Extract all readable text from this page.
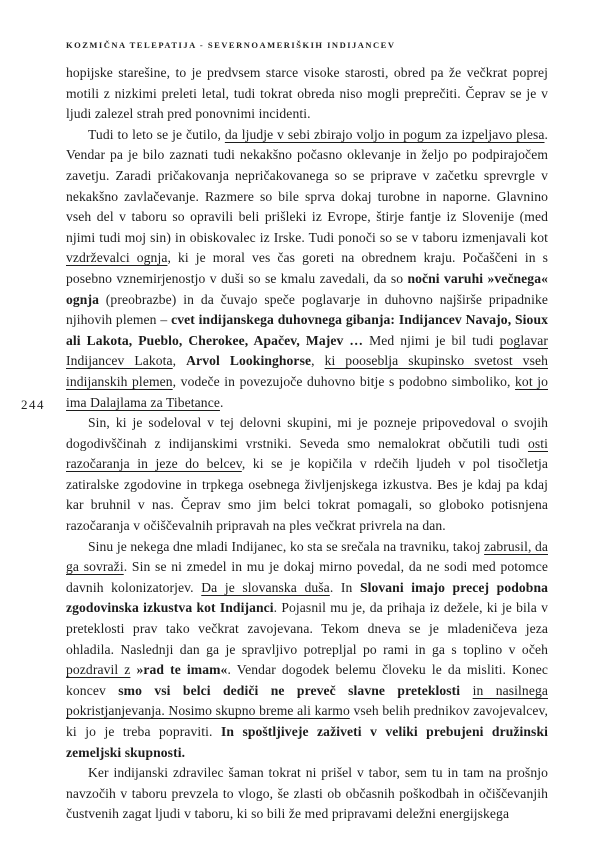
KOZMIČNA TELEPATIJA - SEVERNOAMERIŠKIH INDIJANCEV
244

hopijske starešine, to je predvsem starce visoke starosti, obred pa že večkrat poprej motili z nizkimi preleti letal, tudi tokrat obreda niso mogli preprečiti. Čeprav se je v ljudi zalezel strah pred ponovnimi incidenti.

Tudi to leto se je čutilo, da ljudje v sebi zbirajo voljo in pogum za izpeljavo plesa. Vendar pa je bilo zaznati tudi nekakšno počasno oklevanje in željo po podpirajočem zavetju. Zaradi pričakovanja nepričakovanega so se priprave v začetku sprevrgle v nekakšno zavlačevanje. Razmere so bile sprva dokaj turobne in naporne. Glavnino vseh del v taboru so opravili beli prišleki iz Evrope, štirje fantje iz Slovenije (med njimi tudi moj sin) in obiskovalec iz Irske. Tudi ponoči so se v taboru izmenjavali kot vzdrževalci ognja, ki je moral ves čas goreti na obrednem kraju. Počaščeni in s posebno vznemirjenostjo v duši so se kmalu zavedali, da so nočni varuhi »večnega« ognja (preobrazbe) in da čuvajo speče poglavarje in duhovno najširše pripadnike njihovih plemen – cvet indijanskega duhovnega gibanja: Indijancev Navajo, Sioux ali Lakota, Pueblo, Cherokee, Apačev, Majev … Med njimi je bil tudi poglavar Indijancev Lakota, Arvol Lookinghorse, ki pooseblja skupinsko svetost vseh indijanskih plemen, vodeče in povezujoče duhovno bitje s podobno simboliko, kot jo ima Dalajlama za Tibetance.

Sin, ki je sodeloval v tej delovni skupini, mi je pozneje pripovedoval o svojih dogodivščinah z indijanskimi vrstniki. Seveda smo nemalokrat občutili tudi osti razočaranja in jeze do belcev, ki se je kopičila v rdečih ljudeh v pol tisočletja zatiralske zgodovine in trpkega osebnega življenjskega izkustva. Bes je kdaj pa kdaj kar bruhnil v nas. Čeprav smo jim belci tokrat pomagali, so globoko potisnjena razočaranja v očiščevalnih pripravah na ples večkrat privrela na dan.

Sinu je nekega dne mladi Indijanec, ko sta se srečala na travniku, takoj zabrusil, da ga sovraži. Sin se ni zmedel in mu je dokaj mirno povedal, da ne sodi med potomce davnih kolonizatorjev. Da je slovanska duša. In Slovani imajo precej podobna zgodovinska izkustva kot Indijanci. Pojasnil mu je, da prihaja iz dežele, ki je bila v preteklosti prav tako večkrat zavojevana. Tekom dneva se je mladeničeva jeza ohladila. Naslednji dan ga je spravljivo potrepljal po rami in ga s toplino v očeh pozdravil z »rad te imam«. Vendar dogodek belemu človeku le da misliti. Konec koncev smo vsi belci dediči ne preveč slavne preteklosti in nasilnega pokristjanjevanja. Nosimo skupno breme ali karmo vseh belih prednikov zavojevalcev, ki jo je treba popraviti. In spoštljiveje zaživeti v veliki prebujeni družinski zemeljski skupnosti.

Ker indijanski zdravilec šaman tokrat ni prišel v tabor, sem tu in tam na prošnjo navzočih v taboru prevzela to vlogo, še zlasti ob občasnih poškodbah in očiščevanjih čustvenih zagat ljudi v taboru, ki so bili že med pripravami deležni energijskega
